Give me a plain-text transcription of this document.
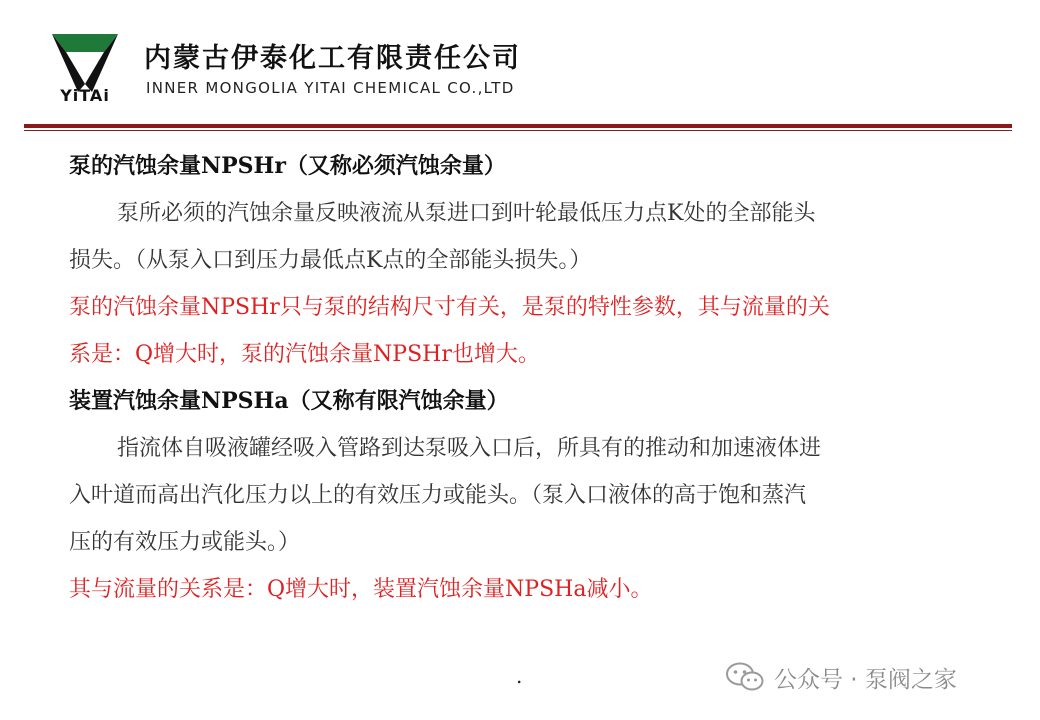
YiTAi
内蒙古伊泰化工有限责任公司
INNER MONGOLIA YITAI CHEMICAL CO.,LTD

泵的汽蚀余量NPSHr（又称必须汽蚀余量）

泵所必须的汽蚀余量反映液流从泵进口到叶轮最低压力点K处的全部能头

损失。（从泵入口到压力最低点K点的全部能头损失。）

泵的汽蚀余量NPSHr只与泵的结构尺寸有关，是泵的特性参数，其与流量的关

系是：Q增大时，泵的汽蚀余量NPSHr也增大。

装置汽蚀余量NPSHa（又称有限汽蚀余量）

指流体自吸液罐经吸入管路到达泵吸入口后，所具有的推动和加速液体进

入叶道而高出汽化压力以上的有效压力或能头。（泵入口液体的高于饱和蒸汽

压的有效压力或能头。）

其与流量的关系是：Q增大时，装置汽蚀余量NPSHa减小。

.	公众号 · 泵阀之家
